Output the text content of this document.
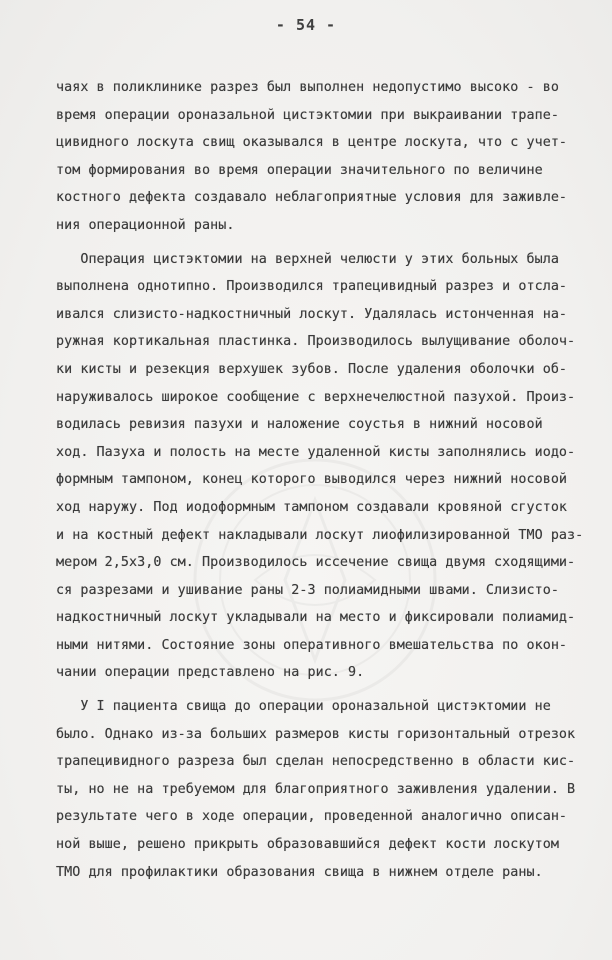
- 54 -
чаях в поликлинике разрез был выполнен недопустимо высоко - во
время операции оронaзальной цистэктомии при выкраивании трапе-
цивидного лоскута свищ оказывался в центре лоскута, что с учет-
том формирования во время операции значительного по величине
костного дефекта создавало неблагоприятные условия для заживле-
ния операционной раны.
Операция цистэктомии на верхней челюсти у этих больных была
выполнена однотипно. Производился трапецивидный разрез и отсла-
ивался слизисто-надкостничный лоскут. Удалялась истонченная на-
ружная кортикальная пластинка. Производилось вылущивание оболоч-
ки кисты и резекция верхушек зубов. После удаления оболочки об-
наруживалось широкое сообщение с верхнечелюстной пазухой. Произ-
водилась ревизия пазухи и наложение соустья в нижний носовой
ход. Пазуха и полость на месте удаленной кисты заполнялись иодо-
формным тампоном, конец которого выводился через нижний носовой
ход наружу. Под иодоформным тампоном создавали кровяной сгусток
и на костный дефект накладывали лоскут лиофилизированной ТМО раз-
мером 2,5х3,0 см. Производилось иссечение свища двумя сходящими-
ся разрезами и ушивание раны 2-3 полиамидными швами. Слизисто-
надкостничный лоскут укладывали на место и фиксировали полиамид-
ными нитями. Состояние зоны оперативного вмешательства по окон-
чании операции представлено на рис. 9.
У I пациента свища до операции ороназальной цистэктомии не
было. Однако из-за больших размеров кисты горизонтальный отрезок
трапецивидного разреза был сделан непосредственно в области кис-
ты, но не на требуемом для благоприятного заживления удалении. В
результате чего в ходе операции, проведенной аналогично описан-
ной выше, решено прикрыть образовавшийся дефект кости лоскутом
ТМО для профилактики образования свища в нижнем отделе раны.
